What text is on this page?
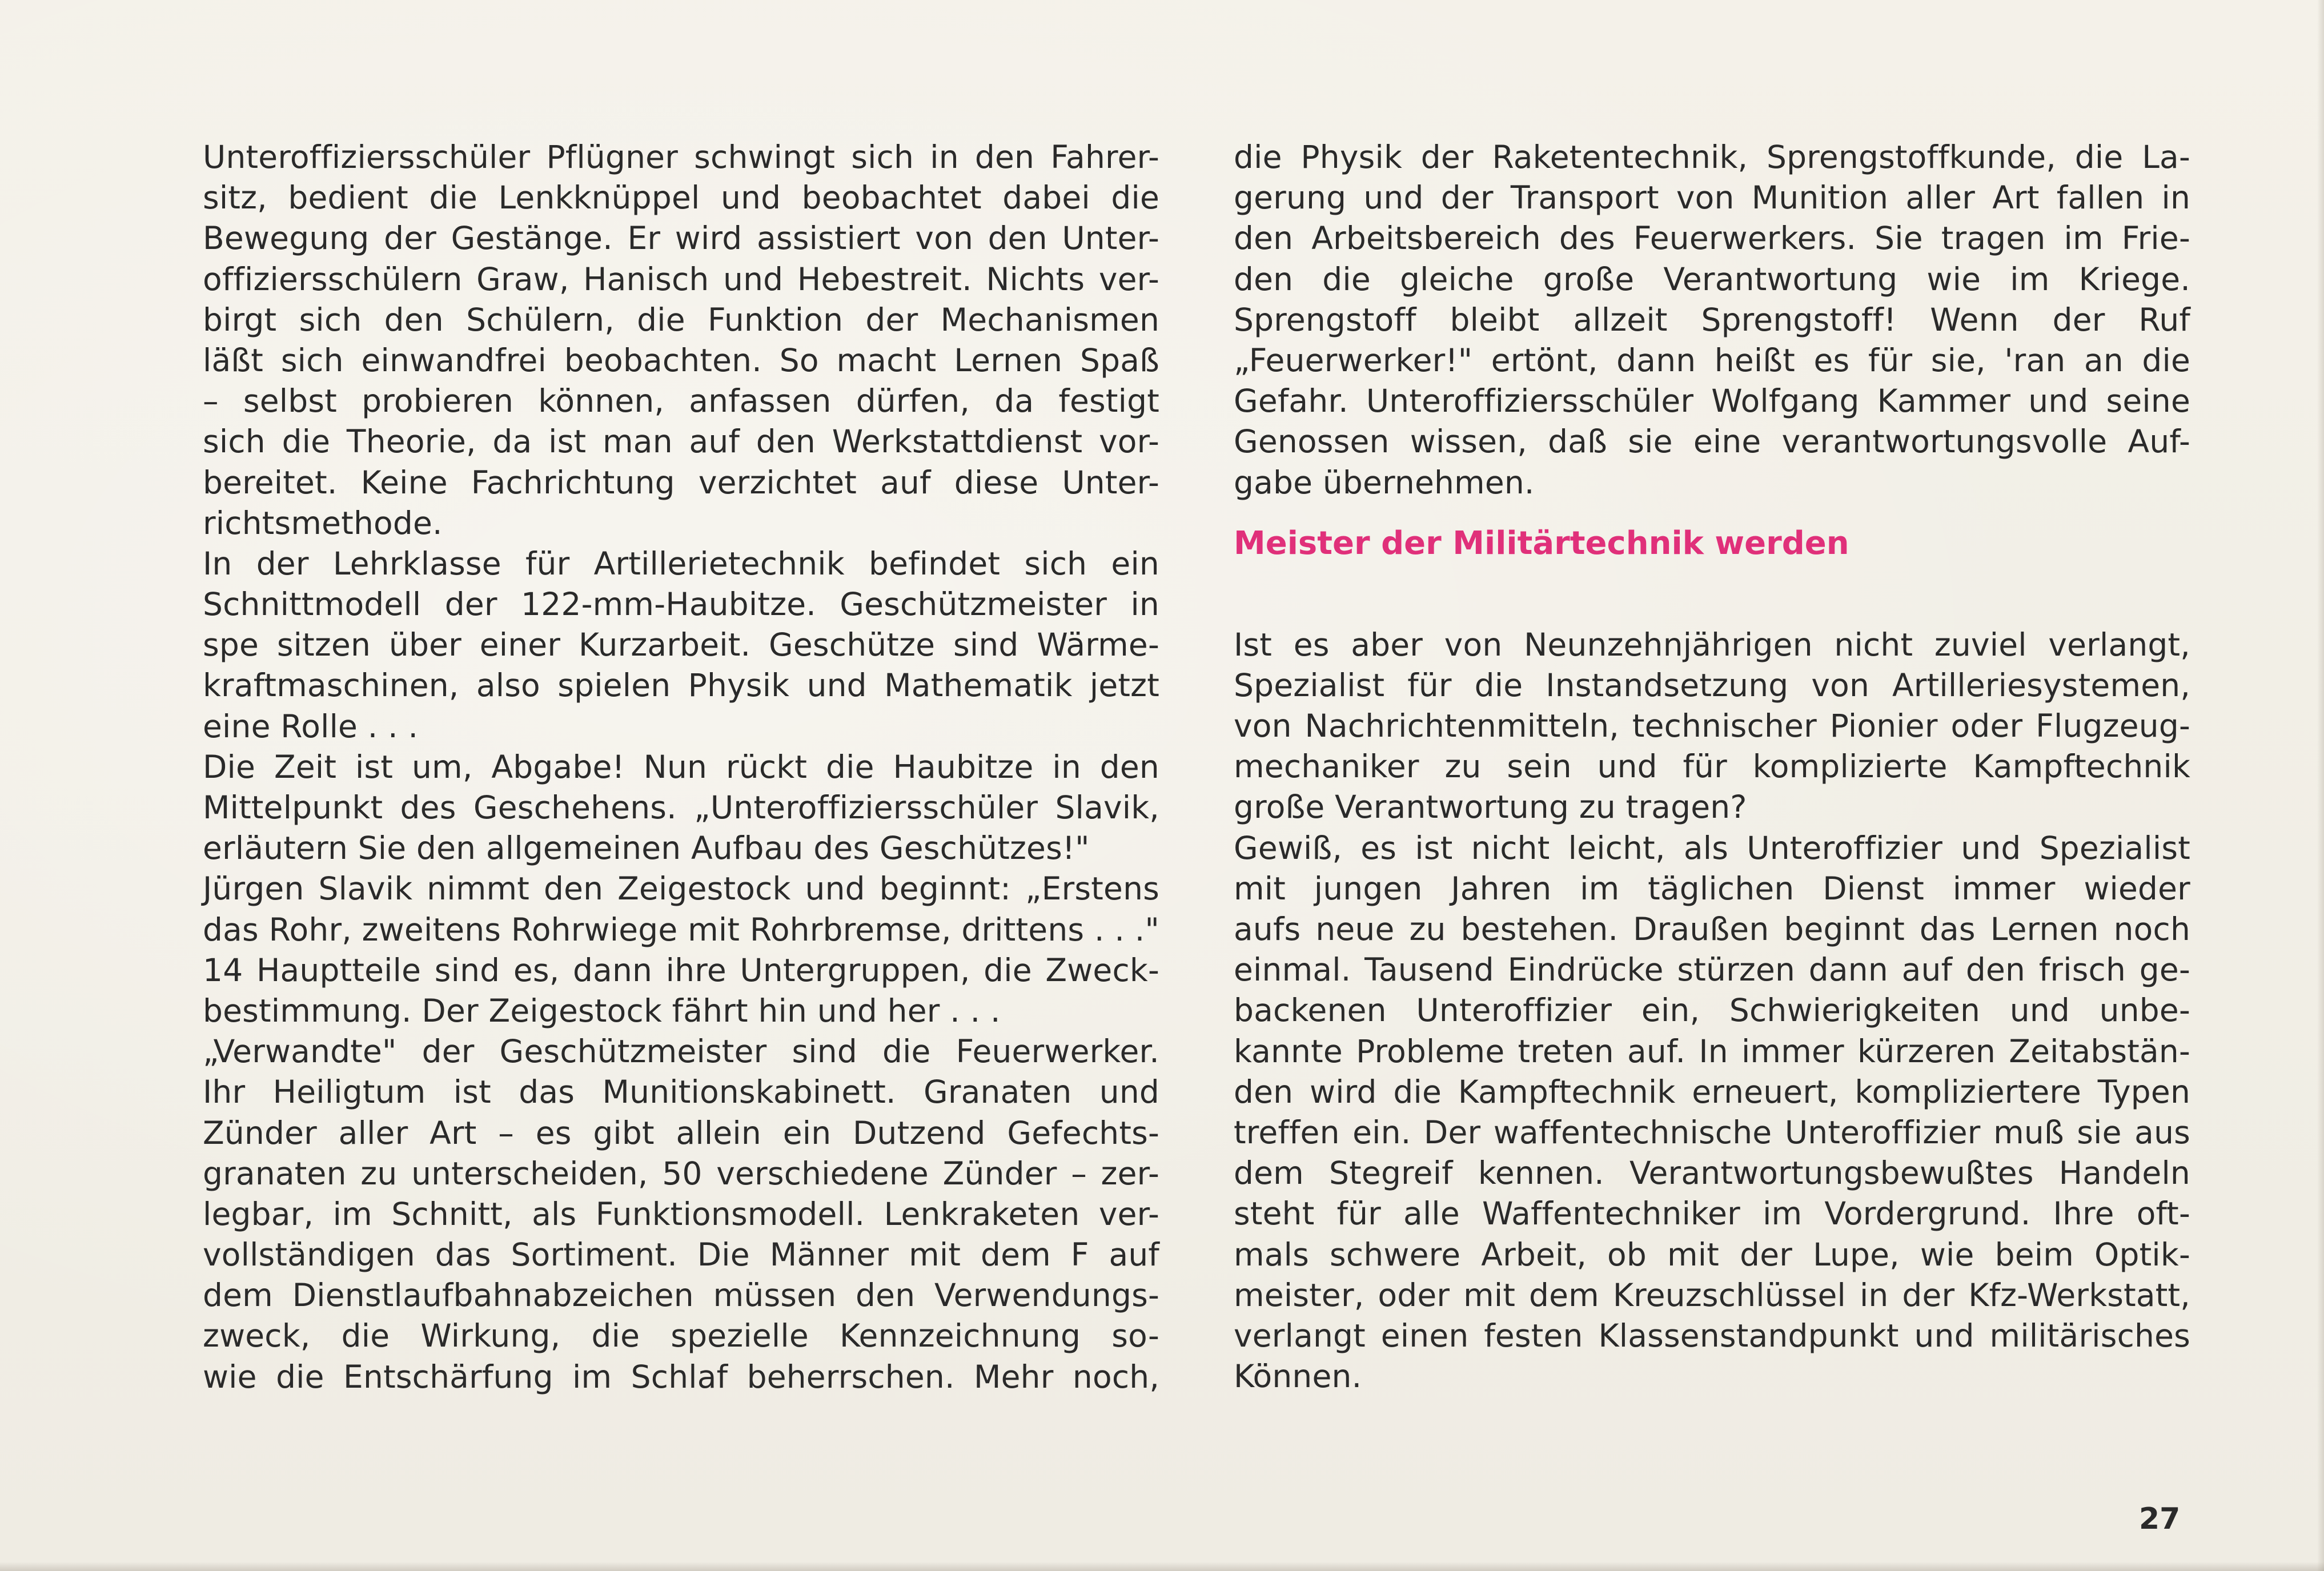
Unteroffiziersschüler Pflügner schwingt sich in den Fahrer-
sitz, bedient die Lenkknüppel und beobachtet dabei die
Bewegung der Gestänge. Er wird assistiert von den Unter-
offiziersschülern Graw, Hanisch und Hebestreit. Nichts ver-
birgt sich den Schülern, die Funktion der Mechanismen
läßt sich einwandfrei beobachten. So macht Lernen Spaß
– selbst probieren können, anfassen dürfen, da festigt
sich die Theorie, da ist man auf den Werkstattdienst vor-
bereitet. Keine Fachrichtung verzichtet auf diese Unter-
richtsmethode.
In der Lehrklasse für Artillerietechnik befindet sich ein
Schnittmodell der 122-mm-Haubitze. Geschützmeister in
spe sitzen über einer Kurzarbeit. Geschütze sind Wärme-
kraftmaschinen, also spielen Physik und Mathematik jetzt
eine Rolle . . .
Die Zeit ist um, Abgabe! Nun rückt die Haubitze in den
Mittelpunkt des Geschehens. „Unteroffiziersschüler Slavik,
erläutern Sie den allgemeinen Aufbau des Geschützes!"
Jürgen Slavik nimmt den Zeigestock und beginnt: „Erstens
das Rohr, zweitens Rohrwiege mit Rohrbremse, drittens . . ."
14 Hauptteile sind es, dann ihre Untergruppen, die Zweck-
bestimmung. Der Zeigestock fährt hin und her . . .
„Verwandte" der Geschützmeister sind die Feuerwerker.
Ihr Heiligtum ist das Munitionskabinett. Granaten und
Zünder aller Art – es gibt allein ein Dutzend Gefechts-
granaten zu unterscheiden, 50 verschiedene Zünder – zer-
legbar, im Schnitt, als Funktionsmodell. Lenkraketen ver-
vollständigen das Sortiment. Die Männer mit dem F auf
dem Dienstlaufbahnabzeichen müssen den Verwendungs-
zweck, die Wirkung, die spezielle Kennzeichnung so-
wie die Entschärfung im Schlaf beherrschen. Mehr noch,
die Physik der Raketentechnik, Sprengstoffkunde, die La-
gerung und der Transport von Munition aller Art fallen in
den Arbeitsbereich des Feuerwerkers. Sie tragen im Frie-
den die gleiche große Verantwortung wie im Kriege.
Sprengstoff bleibt allzeit Sprengstoff! Wenn der Ruf
„Feuerwerker!" ertönt, dann heißt es für sie, 'ran an die
Gefahr. Unteroffiziersschüler Wolfgang Kammer und seine
Genossen wissen, daß sie eine verantwortungsvolle Auf-
gabe übernehmen.
Meister der Militärtechnik werden
Ist es aber von Neunzehnjährigen nicht zuviel verlangt,
Spezialist für die Instandsetzung von Artilleriesystemen,
von Nachrichtenmitteln, technischer Pionier oder Flugzeug-
mechaniker zu sein und für komplizierte Kampftechnik
große Verantwortung zu tragen?
Gewiß, es ist nicht leicht, als Unteroffizier und Spezialist
mit jungen Jahren im täglichen Dienst immer wieder
aufs neue zu bestehen. Draußen beginnt das Lernen noch
einmal. Tausend Eindrücke stürzen dann auf den frisch ge-
backenen Unteroffizier ein, Schwierigkeiten und unbe-
kannte Probleme treten auf. In immer kürzeren Zeitabstän-
den wird die Kampftechnik erneuert, kompliziertere Typen
treffen ein. Der waffentechnische Unteroffizier muß sie aus
dem Stegreif kennen. Verantwortungsbewußtes Handeln
steht für alle Waffentechniker im Vordergrund. Ihre oft-
mals schwere Arbeit, ob mit der Lupe, wie beim Optik-
meister, oder mit dem Kreuzschlüssel in der Kfz-Werkstatt,
verlangt einen festen Klassenstandpunkt und militärisches
Können.
27
